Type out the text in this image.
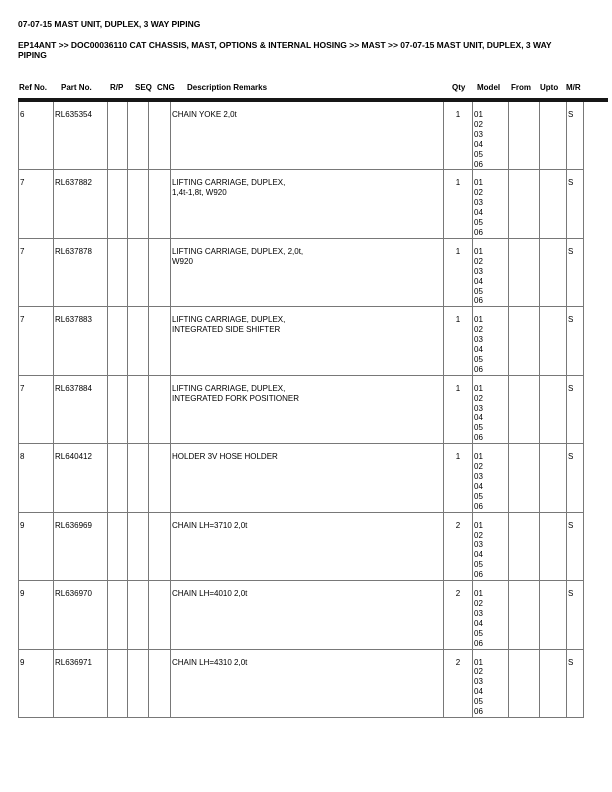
07-07-15 MAST UNIT, DUPLEX, 3 WAY PIPING
EP14ANT >> DOC00036110 CAT CHASSIS, MAST, OPTIONS & INTERNAL HOSING >> MAST >> 07-07-15 MAST UNIT, DUPLEX, 3 WAY
PIPING
Ref No.	Part No.	R/P	SEQ CNG	Description Remarks	Qty	Model	From	Upto M/R
6	RL635354				CHAIN YOKE 2,0t	1	01
02
03
04
05
06
			S
7	RL637882				LIFTING CARRIAGE, DUPLEX,
1,4t-1,8t, W920
	1	01
02
03
04
05
06
			S
7	RL637878				LIFTING CARRIAGE, DUPLEX, 2,0t,
W920
	1	01
02
03
04
05
06
			S
7	RL637883				LIFTING CARRIAGE, DUPLEX,
INTEGRATED SIDE SHIFTER
	1	01
02
03
04
05
06
			S
7	RL637884				LIFTING CARRIAGE, DUPLEX,
INTEGRATED FORK POSITIONER
	1	01
02
03
04
05
06
			S
8	RL640412				HOLDER 3V HOSE HOLDER	1	01
02
03
04
05
06
			S
9	RL636969				CHAIN LH=3710 2,0t	2	01
02
03
04
05
06
			S
9	RL636970				CHAIN LH=4010 2,0t	2	01
02
03
04
05
06
			S
9	RL636971				CHAIN LH=4310 2,0t	2	01
02
03
04
05
06
			S
